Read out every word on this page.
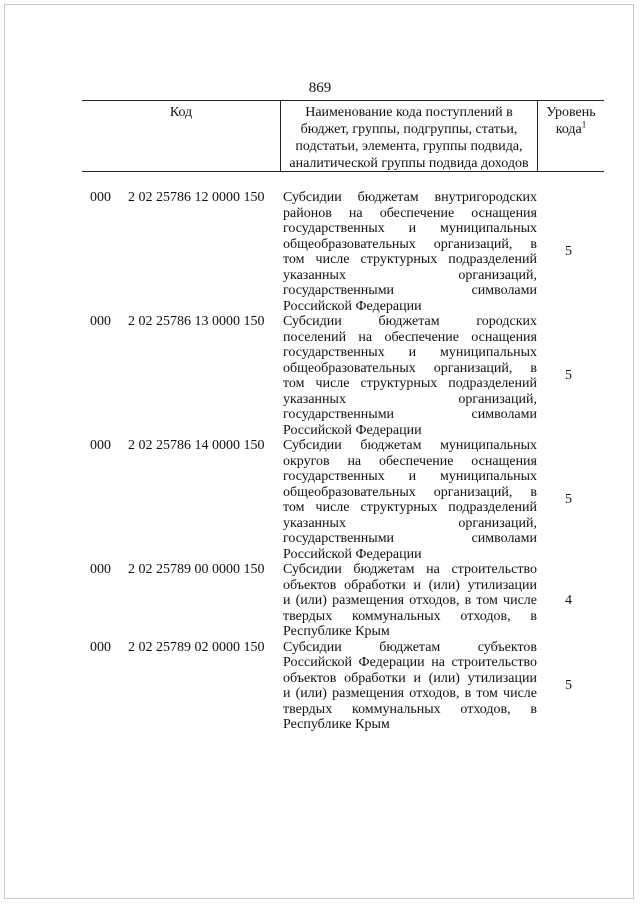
869
Код	Наименование кода поступлений в
бюджет, группы, подгруппы, статьи,
подстатьи, элемента, группы подвида,
аналитической группы подвида доходов
Уровень
кода$^1$
000	2 02 25786 12 0000 150	Субсидии бюджетам внутригородских
районов на обеспечение оснащения
государственных и муниципальных
общеобразовательных организаций, в
том числе структурных подразделений
указанных организаций,
государственными символами
Российской Федерации
5
000	2 02 25786 13 0000 150	Субсидии бюджетам городских
поселений на обеспечение оснащения
государственных и муниципальных
общеобразовательных организаций, в
том числе структурных подразделений
указанных организаций,
государственными символами
Российской Федерации
5
000	2 02 25786 14 0000 150	Субсидии бюджетам муниципальных
округов на обеспечение оснащения
государственных и муниципальных
общеобразовательных организаций, в
том числе структурных подразделений
указанных организаций,
государственными символами
Российской Федерации
5
000	2 02 25789 00 0000 150	Субсидии бюджетам на строительство
объектов обработки и (или) утилизации
и (или) размещения отходов, в том числе
твердых коммунальных отходов, в
Республике Крым
4
000	2 02 25789 02 0000 150	Субсидии бюджетам субъектов
Российской Федерации на строительство
объектов обработки и (или) утилизации
и (или) размещения отходов, в том числе
твердых коммунальных отходов, в
Республике Крым
5
